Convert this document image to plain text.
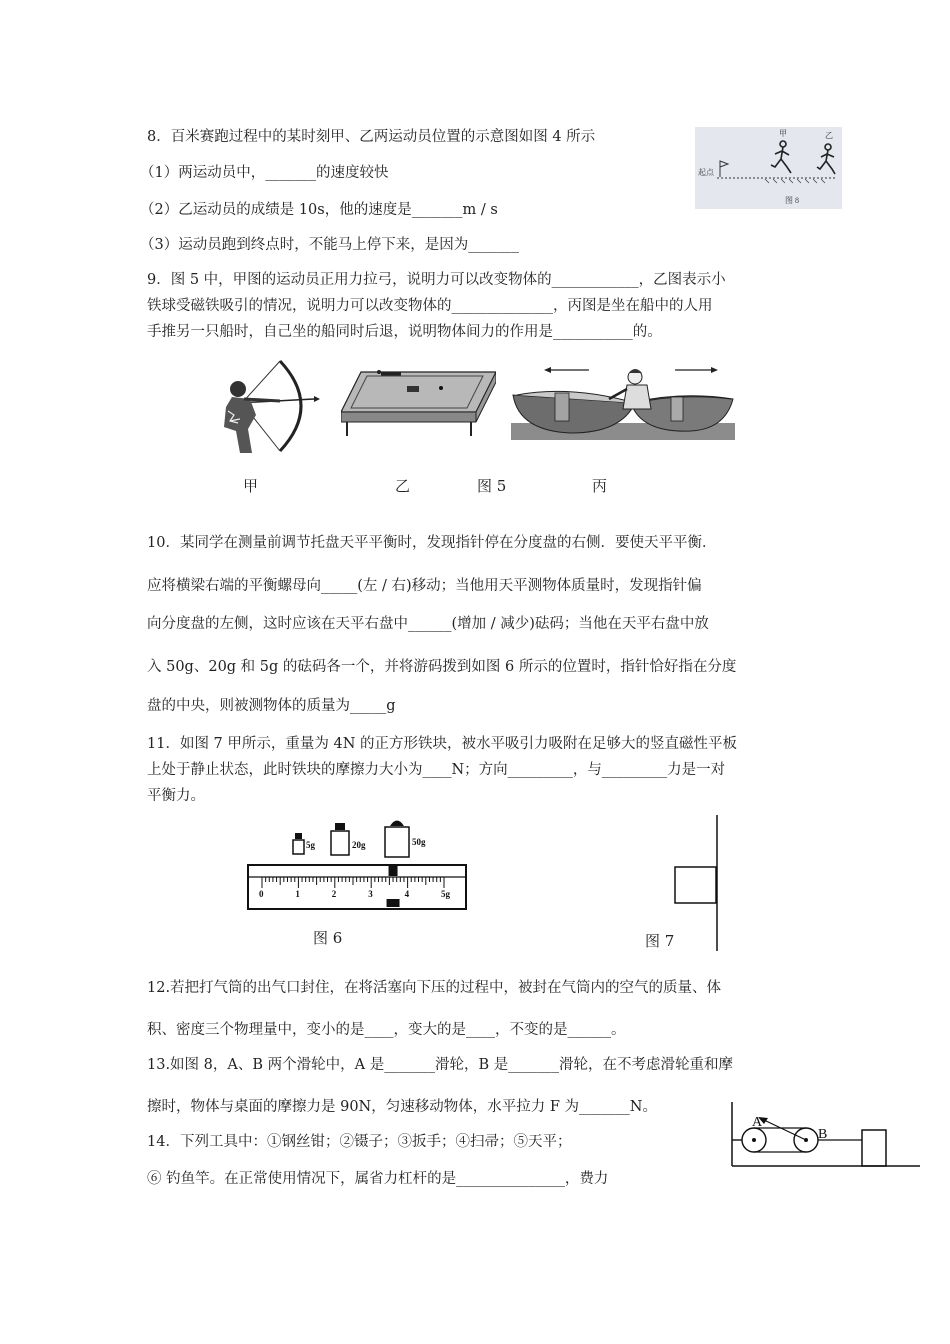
8．百米赛跑过程中的某时刻甲、乙两运动员位置的示意图如图 4 所示
（1）两运动员中，_______的速度较快
（2）乙运动员的成绩是 10s，他的速度是_______m / s
（3）运动员跑到终点时，不能马上停下来，是因为_______
起点
甲	乙
图 8
9．图 5 中，甲图的运动员正用力拉弓，说明力可以改变物体的____________，乙图表示小
铁球受磁铁吸引的情况，说明力可以改变物体的______________，丙图是坐在船中的人用
手推另一只船时，自己坐的船同时后退，说明物体间力的作用是___________的。
甲	乙	图 5	丙
10．某同学在测量前调节托盘天平平衡时，发现指针停在分度盘的右侧．要使天平平衡．
应将横梁右端的平衡螺母向_____(左 / 右)移动；当他用天平测物体质量时，发现指针偏
向分度盘的左侧，这时应该在天平右盘中______(增加 / 减少)砝码；当他在天平右盘中放
入 50g、20g 和 5g 的砝码各一个，并将游码拨到如图 6 所示的位置时，指针恰好指在分度
盘的中央，则被测物体的质量为_____g
11．如图 7 甲所示，重量为 4N 的正方形铁块，被水平吸引力吸附在足够大的竖直磁性平板
上处于静止状态，此时铁块的摩擦力大小为____N；方向_________，与_________力是一对
平衡力。
5g	20g	50g
0	1	2	3	4	5g
图 6	图 7
12.若把打气筒的出气口封住，在将活塞向下压的过程中，被封在气筒内的空气的质量、体
积、密度三个物理量中，变小的是____，变大的是____，不变的是______。
13.如图 8，A、B 两个滑轮中，A 是_______滑轮，B 是_______滑轮，在不考虑滑轮重和摩
擦时，物体与桌面的摩擦力是 90N，匀速移动物体，水平拉力 F 为_______N。
A
B
14．下列工具中：①钢丝钳；②镊子；③扳手；④扫帚；⑤天平；
⑥ 钓鱼竿。在正常使用情况下，属省力杠杆的是_______________，费力
